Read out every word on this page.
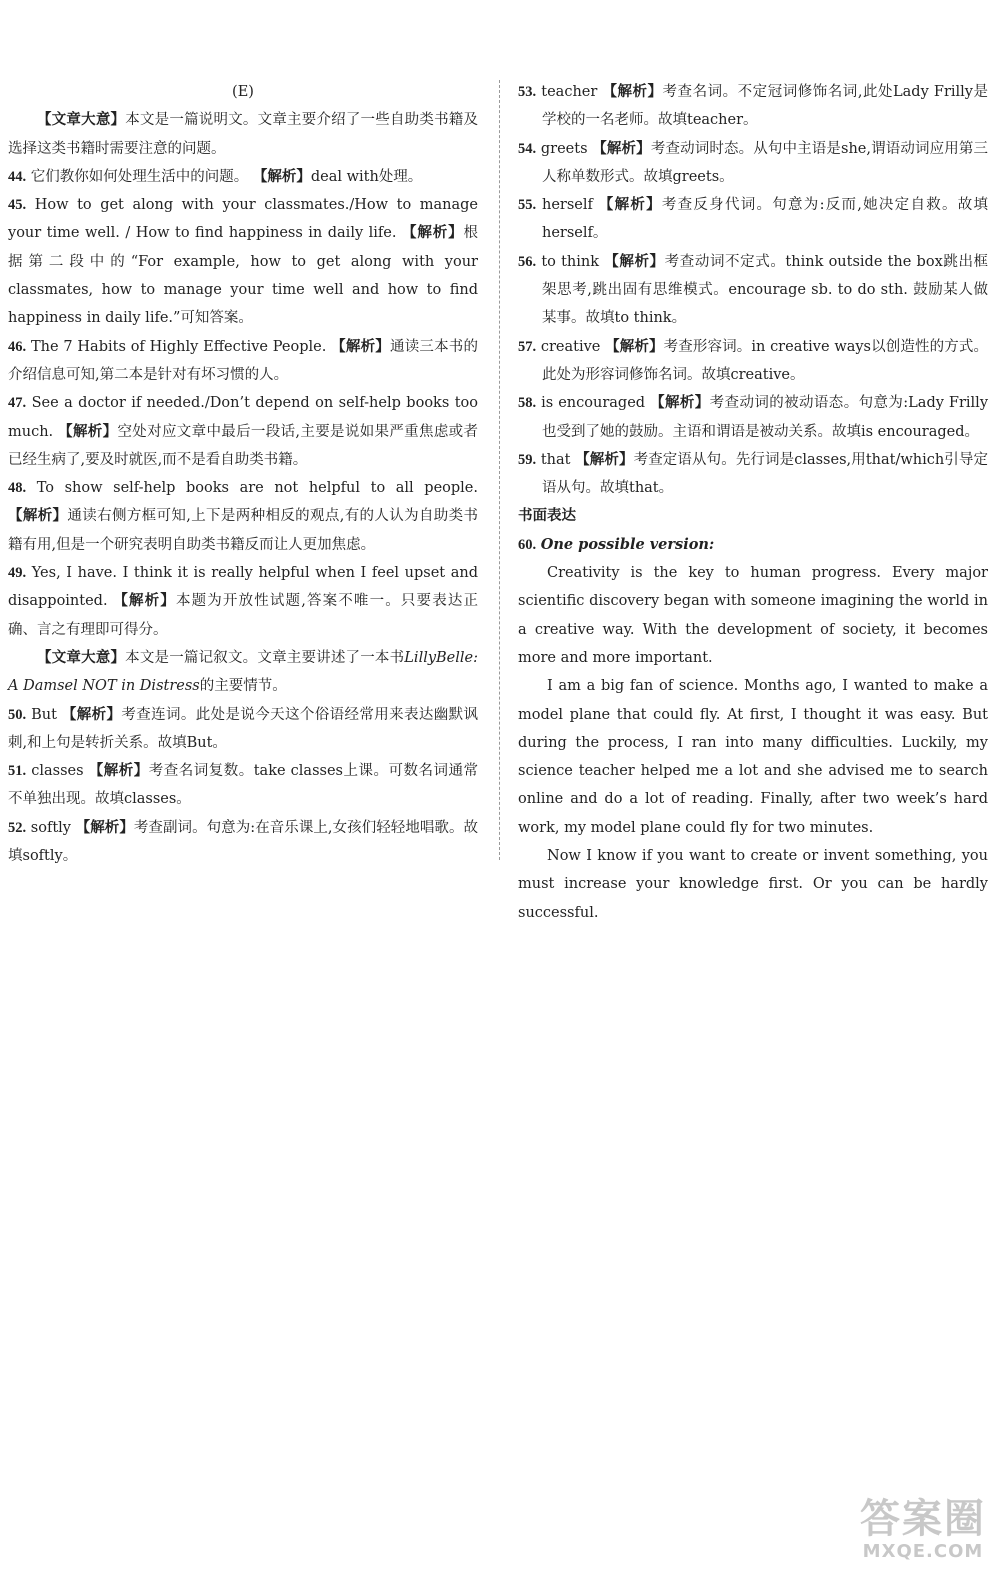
(E)

【文章大意】本文是一篇说明文。文章主要介绍了一些自助类书籍及选择这类书籍时需要注意的问题。

44. 它们教你如何处理生活中的问题。 【解析】deal with处理。

45. How to get along with your classmates./How to manage your time well. / How to find happiness in daily life. 【解析】根据第二段中的“For example, how to get along with your classmates, how to manage your time well and how to find happiness in daily life.”可知答案。

46. The 7 Habits of Highly Effective People. 【解析】通读三本书的介绍信息可知,第二本是针对有坏习惯的人。

47. See a doctor if needed./Don’t depend on self-help books too much. 【解析】空处对应文章中最后一段话,主要是说如果严重焦虑或者已经生病了,要及时就医,而不是看自助类书籍。

48. To show self-help books are not helpful to all people. 【解析】通读右侧方框可知,上下是两种相反的观点,有的人认为自助类书籍有用,但是一个研究表明自助类书籍反而让人更加焦虑。

49. Yes, I have. I think it is really helpful when I feel upset and disappointed. 【解析】本题为开放性试题,答案不唯一。只要表达正确、言之有理即可得分。

【文章大意】本文是一篇记叙文。文章主要讲述了一本书LillyBelle: A Damsel NOT in Distress的主要情节。

50. But 【解析】考查连词。此处是说今天这个俗语经常用来表达幽默讽刺,和上句是转折关系。故填But。

51. classes 【解析】考查名词复数。take classes上课。可数名词通常不单独出现。故填classes。

52. softly 【解析】考查副词。句意为:在音乐课上,女孩们轻轻地唱歌。故填softly。

53. teacher 【解析】考查名词。不定冠词修饰名词,此处Lady Frilly是学校的一名老师。故填teacher。

54. greets 【解析】考查动词时态。从句中主语是she,谓语动词应用第三人称单数形式。故填greets。

55. herself 【解析】考查反身代词。句意为:反而,她决定自救。故填herself。

56. to think 【解析】考查动词不定式。think outside the box跳出框架思考,跳出固有思维模式。encourage sb. to do sth. 鼓励某人做某事。故填to think。

57. creative 【解析】考查形容词。in creative ways以创造性的方式。此处为形容词修饰名词。故填creative。

58. is encouraged 【解析】考查动词的被动语态。句意为:Lady Frilly也受到了她的鼓励。主语和谓语是被动关系。故填is encouraged。

59. that 【解析】考查定语从句。先行词是classes,用that/which引导定语从句。故填that。

书面表达

60. One possible version:

Creativity is the key to human progress. Every major scientific discovery began with someone imagining the world in a creative way. With the development of society, it becomes more and more important.

I am a big fan of science. Months ago, I wanted to make a model plane that could fly. At first, I thought it was easy. But during the process, I ran into many difficulties. Luckily, my science teacher helped me a lot and she advised me to search online and do a lot of reading. Finally, after two week’s hard work, my model plane could fly for two minutes.

Now I know if you want to create or invent something, you must increase your knowledge first. Or you can be hardly successful.

答案圈
MXQE.COM
